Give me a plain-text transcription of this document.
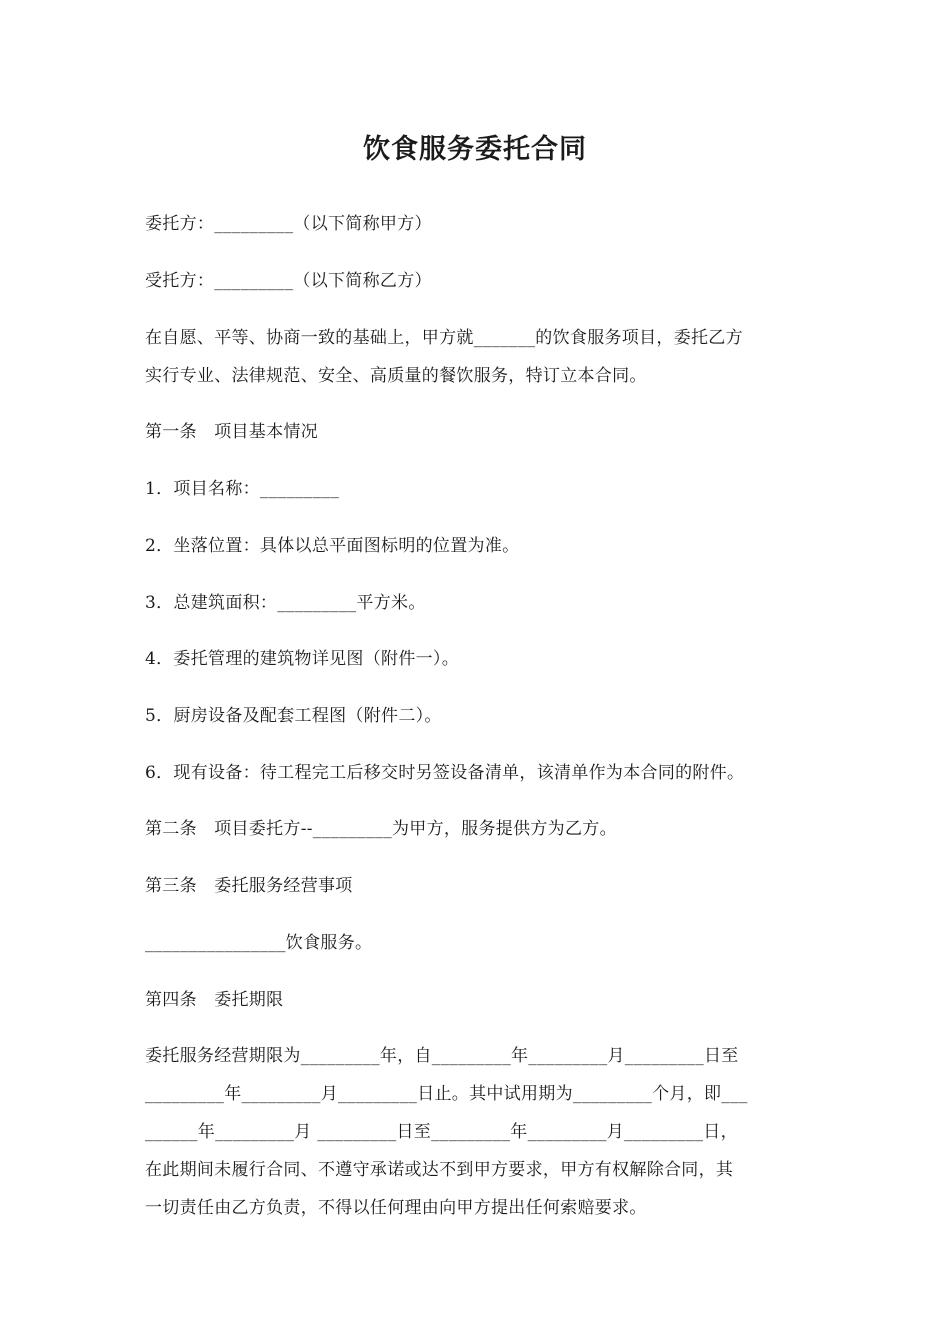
饮食服务委托合同

委托方：_________（以下简称甲方）

受托方：_________（以下简称乙方）

在自愿、平等、协商一致的基础上，甲方就_______的饮食服务项目，委托乙方

实行专业、法律规范、安全、高质量的餐饮服务，特订立本合同。

第一条　项目基本情况

1．项目名称：_________

2．坐落位置：具体以总平面图标明的位置为准。

3．总建筑面积：_________平方米。

4．委托管理的建筑物详见图（附件一）。

5．厨房设备及配套工程图（附件二）。

6．现有设备：待工程完工后移交时另签设备清单，该清单作为本合同的附件。

第二条　项目委托方--_________为甲方，服务提供方为乙方。

第三条　委托服务经营事项

________________饮食服务。

第四条　委托期限

委托服务经营期限为_________年，自_________年_________月_________日至

_________年_________月_________日止。其中试用期为_________个月，即___

______年_________月 _________日至_________年_________月_________日，

在此期间未履行合同、不遵守承诺或达不到甲方要求，甲方有权解除合同，其

一切责任由乙方负责，不得以任何理由向甲方提出任何索赔要求。
